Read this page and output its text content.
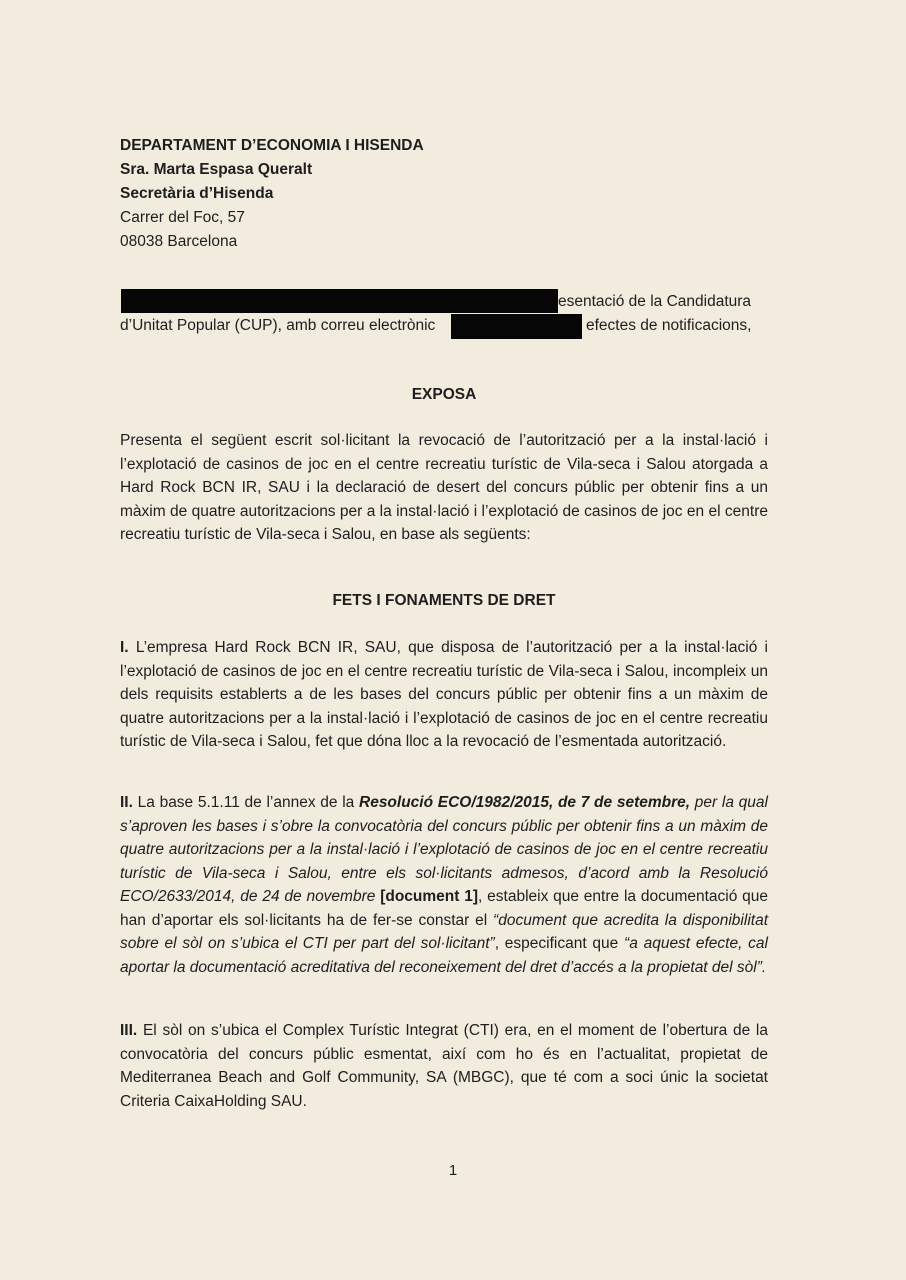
DEPARTAMENT D’ECONOMIA I HISENDA
Sra. Marta Espasa Queralt
Secretària d’Hisenda
Carrer del Foc, 57
08038 Barcelona
esentació de la Candidatura
d’Unitat Popular (CUP), amb correu electrònic	efectes de notificacions,
EXPOSA
Presenta el següent escrit sol·licitant la revocació de l’autorització per a la instal·lació i l’explotació de casinos de joc en el centre recreatiu turístic de Vila-seca i Salou atorgada a Hard Rock BCN IR, SAU i la declaració de desert del concurs públic per obtenir fins a un màxim de quatre autoritzacions per a la instal·lació i l’explotació de casinos de joc en el centre recreatiu turístic de Vila-seca i Salou, en base als següents:
FETS I FONAMENTS DE DRET
I. L’empresa Hard Rock BCN IR, SAU, que disposa de l’autorització per a la instal·lació i l’explotació de casinos de joc en el centre recreatiu turístic de Vila-seca i Salou, incompleix un dels requisits establerts a de les bases del concurs públic per obtenir fins a un màxim de quatre autoritzacions per a la instal·lació i l’explotació de casinos de joc en el centre recreatiu turístic de Vila-seca i Salou, fet que dóna lloc a la revocació de l’esmentada autorització.
II. La base 5.1.11 de l’annex de la Resolució ECO/1982/2015, de 7 de setembre, per la qual s’aproven les bases i s’obre la convocatòria del concurs públic per obtenir fins a un màxim de quatre autoritzacions per a la instal·lació i l’explotació de casinos de joc en el centre recreatiu turístic de Vila-seca i Salou, entre els sol·licitants admesos, d’acord amb la Resolució ECO/2633/2014, de 24 de novembre [document 1], estableix que entre la documentació que han d’aportar els sol·licitants ha de fer-se constar el “document que acredita la disponibilitat sobre el sòl on s’ubica el CTI per part del sol·licitant”, especificant que “a aquest efecte, cal aportar la documentació acreditativa del reconeixement del dret d’accés a la propietat del sòl”.
III. El sòl on s’ubica el Complex Turístic Integrat (CTI) era, en el moment de l’obertura de la convocatòria del concurs públic esmentat, així com ho és en l’actualitat, propietat de Mediterranea Beach and Golf Community, SA (MBGC), que té com a soci únic la societat Criteria CaixaHolding SAU.
1
